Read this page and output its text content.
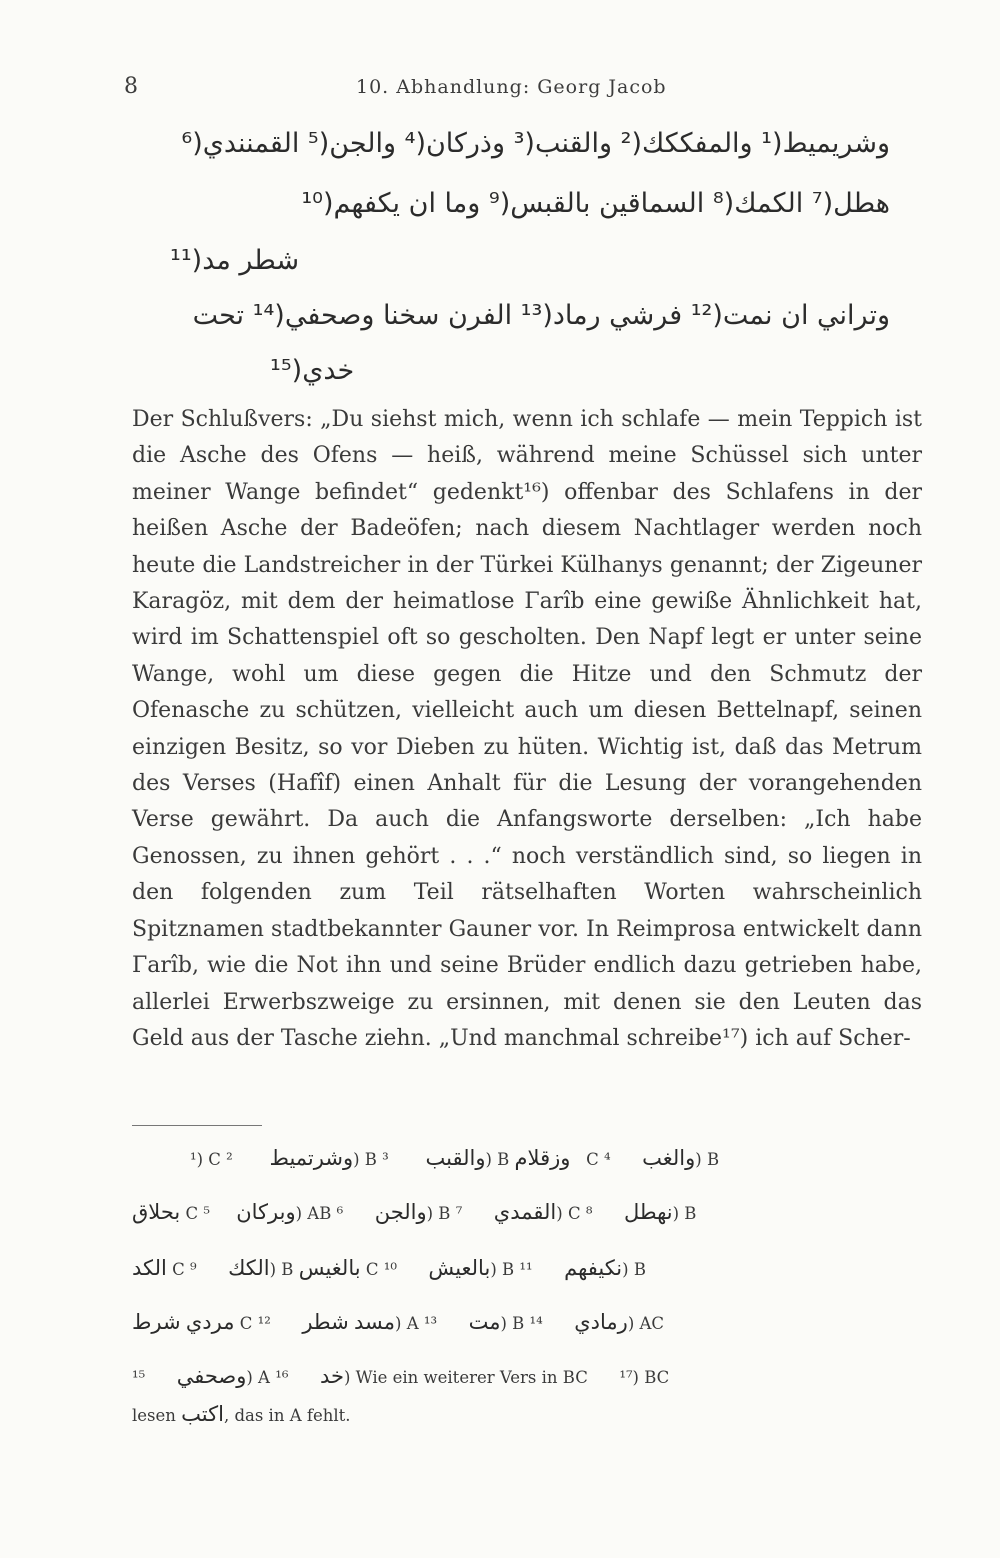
8	10. Abhandlung: Georg Jacob
وشريميط(¹ والمفككك(² والقنب(³ وذركان(⁴ والجن(⁵ القمنندي(⁶
هطل(⁷ الكمك(⁸ السماقين بالقبس(⁹ وما ان يكفهم(¹⁰
شطر مد(¹¹
وتراني ان نمت(¹² فرشي رماد(¹³ الفرن سخنا وصحفي(¹⁴ تحت
خدي(¹⁵

Der Schlußvers: „Du siehst mich, wenn ich schlafe — mein Teppich ist die Asche des Ofens — heiß, während meine Schüssel sich unter meiner Wange befindet“ gedenkt¹⁶) offenbar des Schlafens in der heißen Asche der Badeöfen; nach diesem Nachtlager werden noch heute die Landstreicher in der Türkei Külhanys genannt; der Zigeuner Karagöz, mit dem der heimatlose Γarîb eine gewiße Ähnlichkeit hat, wird im Schattenspiel oft so gescholten. Den Napf legt er unter seine Wange, wohl um diese gegen die Hitze und den Schmutz der Ofenasche zu schützen, vielleicht auch um diesen Bettelnapf, seinen einzigen Besitz, so vor Dieben zu hüten. Wichtig ist, daß das Metrum des Verses (Hafîf) einen Anhalt für die Lesung der vorangehenden Verse gewährt. Da auch die Anfangsworte derselben: „Ich habe Genossen, zu ihnen gehört . . .“ noch verständlich sind, so liegen in den folgenden zum Teil rätselhaften Worten wahrscheinlich Spitznamen stadtbekannter Gauner vor. In Reimprosa entwickelt dann Γarîb, wie die Not ihn und seine Brüder endlich dazu getrieben habe, allerlei Erwerbszweige zu ersinnen, mit denen sie den Leuten das Geld aus der Tasche ziehn. „Und manchmal schreibe¹⁷) ich auf Scher-

¹) C وشرتميط       ²) B والقبب       ³) B وزقلام C والغب      ⁴) B
بحلاق C وبركان     ⁵) AB والجن      ⁶) B القمدي      ⁷) C نهطل      ⁸) B
الكد C الكك      ⁹) B بالغيس C بالعيش      ¹⁰) B نكيفهم      ¹¹) B
مردي شرط	C	مسد شطر      ¹²) A مت      ¹³) B رمادي      ¹⁴) AC
وصحفي      ¹⁵) A خد      ¹⁶) Wie ein weiterer Vers in BC ¹⁷) BC
lesen اكتب, das in A fehlt.
